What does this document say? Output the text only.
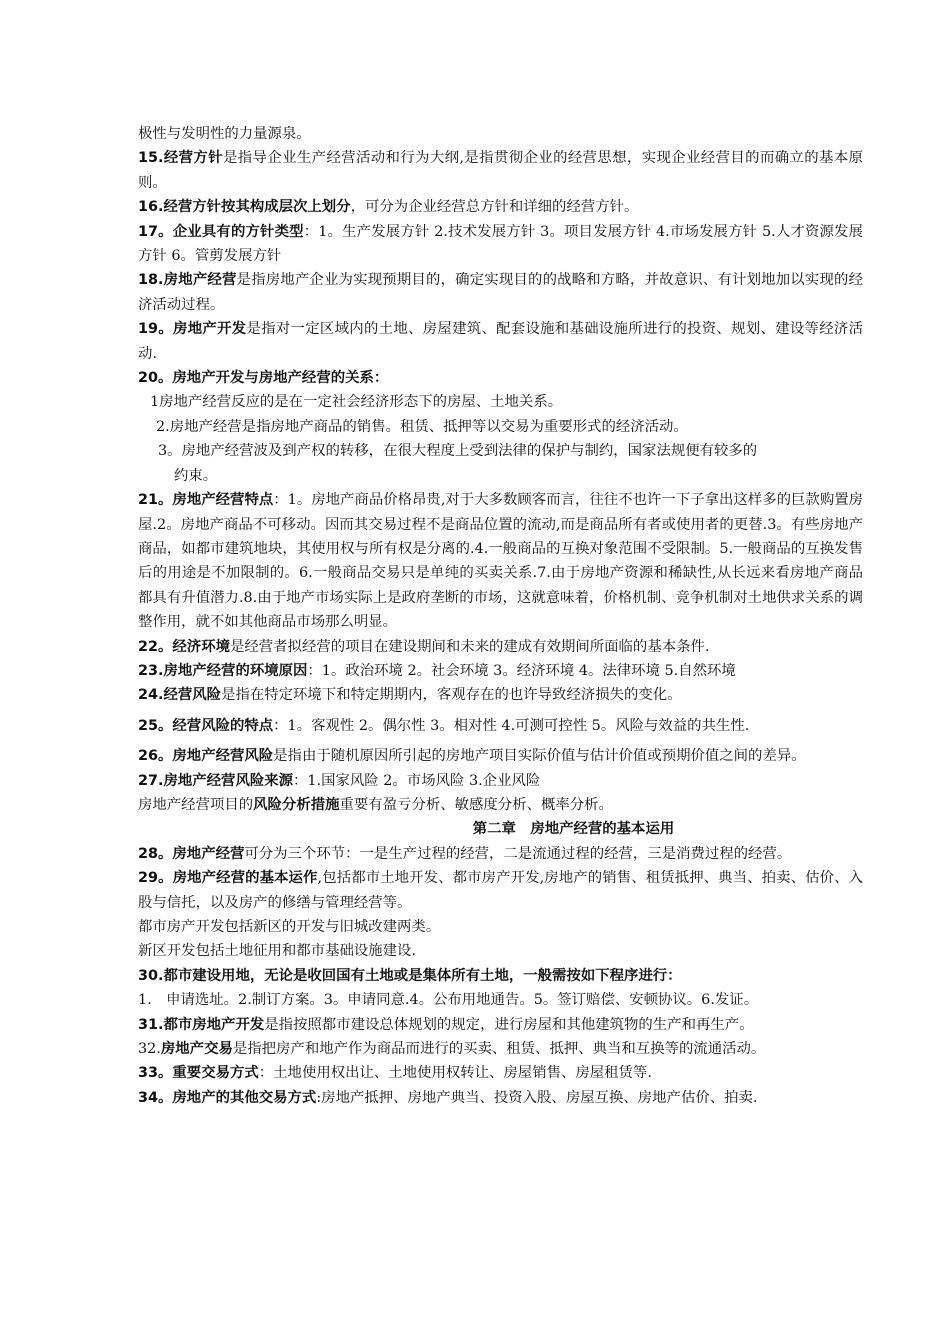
极性与发明性的力量源泉。

15.经营方针是指导企业生产经营活动和行为大纲,是指贯彻企业的经营思想，实现企业经营目的而确立的基本原则。

16.经营方针按其构成层次上划分，可分为企业经营总方针和详细的经营方针。

17。企业具有的方针类型：1。生产发展方针 2.技术发展方针 3。项目发展方针 4.市场发展方针 5.人才资源发展方针 6。管剪发展方针

18.房地产经营是指房地产企业为实现预期目的，确定实现目的的战略和方略，并故意识、有计划地加以实现的经济活动过程。

19。房地产开发是指对一定区域内的土地、房屋建筑、配套设施和基础设施所进行的投资、规划、建设等经济活动.

20。房地产开发与房地产经营的关系：

1房地产经营反应的是在一定社会经济形态下的房屋、土地关系。

2.房地产经营是指房地产商品的销售。租赁、抵押等以交易为重要形式的经济活动。

3。房地产经营波及到产权的转移，在很大程度上受到法律的保护与制约，国家法规便有较多的

约束。

21。房地产经营特点：1。房地产商品价格昂贵,对于大多数顾客而言，往往不也许一下子拿出这样多的巨款购置房屋.2。房地产商品不可移动。因而其交易过程不是商品位置的流动,而是商品所有者或使用者的更替.3。有些房地产商品，如都市建筑地块，其使用权与所有权是分离的.4.一般商品的互换对象范围不受限制。5.一般商品的互换发售后的用途是不加限制的。6.一般商品交易只是单纯的买卖关系.7.由于房地产资源和稀缺性,从长远来看房地产商品都具有升值潜力.8.由于地产市场实际上是政府垄断的市场，这就意味着，价格机制、竞争机制对土地供求关系的调整作用，就不如其他商品市场那么明显。

22。经济环境是经营者拟经营的项目在建设期间和未来的建成有效期间所面临的基本条件.

23.房地产经营的环境原因：1。政治环境 2。社会环境 3。经济环境 4。法律环境 5.自然环境

24.经营风险是指在特定环境下和特定期期内，客观存在的也许导致经济损失的变化。

25。经营风险的特点：1。客观性 2。偶尔性 3。相对性 4.可测可控性 5。风险与效益的共生性.

26。房地产经营风险是指由于随机原因所引起的房地产项目实际价值与估计价值或预期价值之间的差异。

27.房地产经营风险来源：1.国家风险 2。市场风险 3.企业风险

房地产经营项目的风险分析措施重要有盈亏分析、敏感度分析、概率分析。

第二章　房地产经营的基本运用

28。房地产经营可分为三个环节：一是生产过程的经营，二是流通过程的经营，三是消费过程的经营。

29。房地产经营的基本运作,包括都市土地开发、都市房产开发,房地产的销售、租赁抵押、典当、拍卖、估价、入股与信托，以及房产的修缮与管理经营等。

都市房产开发包括新区的开发与旧城改建两类。

新区开发包括土地征用和都市基础设施建设.

30.都市建设用地，无论是收回国有土地或是集体所有土地，一般需按如下程序进行：

1.　申请选址。2.制订方案。3。申请同意.4。公布用地通告。5。签订赔偿、安顿协议。6.发证。

31.都市房地产开发是指按照都市建设总体规划的规定，进行房屋和其他建筑物的生产和再生产。

32.房地产交易是指把房产和地产作为商品而进行的买卖、租赁、抵押、典当和互换等的流通活动。

33。重要交易方式：土地使用权出让、土地使用权转让、房屋销售、房屋租赁等.

34。房地产的其他交易方式:房地产抵押、房地产典当、投资入股、房屋互换、房地产估价、拍卖.
